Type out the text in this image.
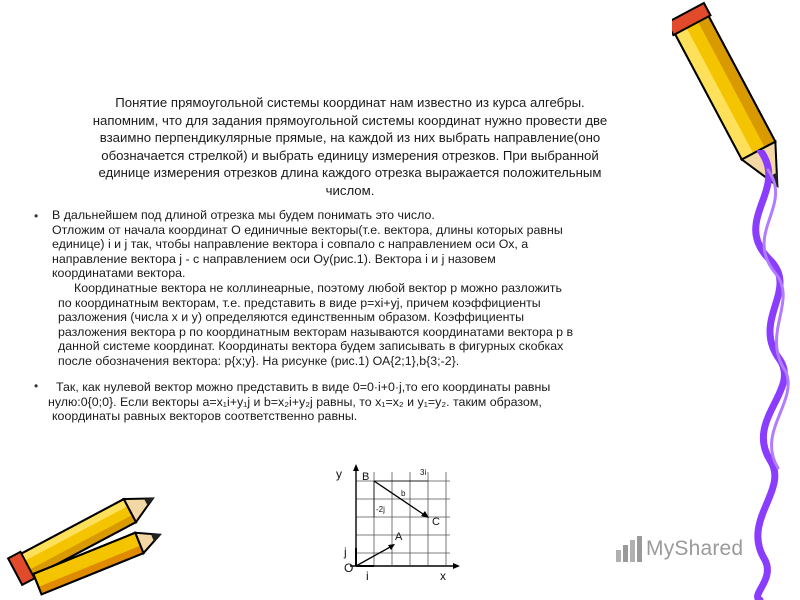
Понятие прямоугольной системы координат нам известно из курса алгебры.
напомним, что для задания прямоугольной системы координат нужно провести две
взаимно перпендикулярные прямые, на каждой из них выбрать направление(оно
обозначается стрелкой) и выбрать единицу измерения отрезков. При выбранной
единице измерения отрезков длина каждого отрезка выражается положительным
числом.
• В дальнейшем под длиной отрезка мы будем понимать это число.
Отложим от начала координат О единичные векторы(т.е. вектора, длины которых равны
единице) i и j так, чтобы направление вектора i совпало с направлением оси Ох, а
направление вектора j - с направлением оси Оу(рис.1). Вектора i и j назовем
координатами вектора.
Координатные вектора не коллинеарные, поэтому любой вектор р можно разложить
по координатным векторам, т.е. представить в виде р=хi+yj, причем коэффициенты
разложения (числа х и у) определяются единственным образом. Коэффициенты
разложения вектора р по координатным векторам называются координатами вектора р в
данной системе координат. Координаты вектора будем записывать в фигурных скобках
после обозначения вектора: р{х;у}. На рисунке (рис.1) ОА{2;1},b{3;-2}.
•	Так, как нулевой вектор можно представить в виде 0=0·i+0·j,то его координаты равны
нулю:0{0;0}. Если векторы a=x₁i+y₁j и b=x₂i+y₂j равны, то x₁=x₂ и y₁=y₂. таким образом,
координаты равных векторов соответственно равны.
у
х
О
i
j
В
A
С
b
3i
-2j
MyShared
